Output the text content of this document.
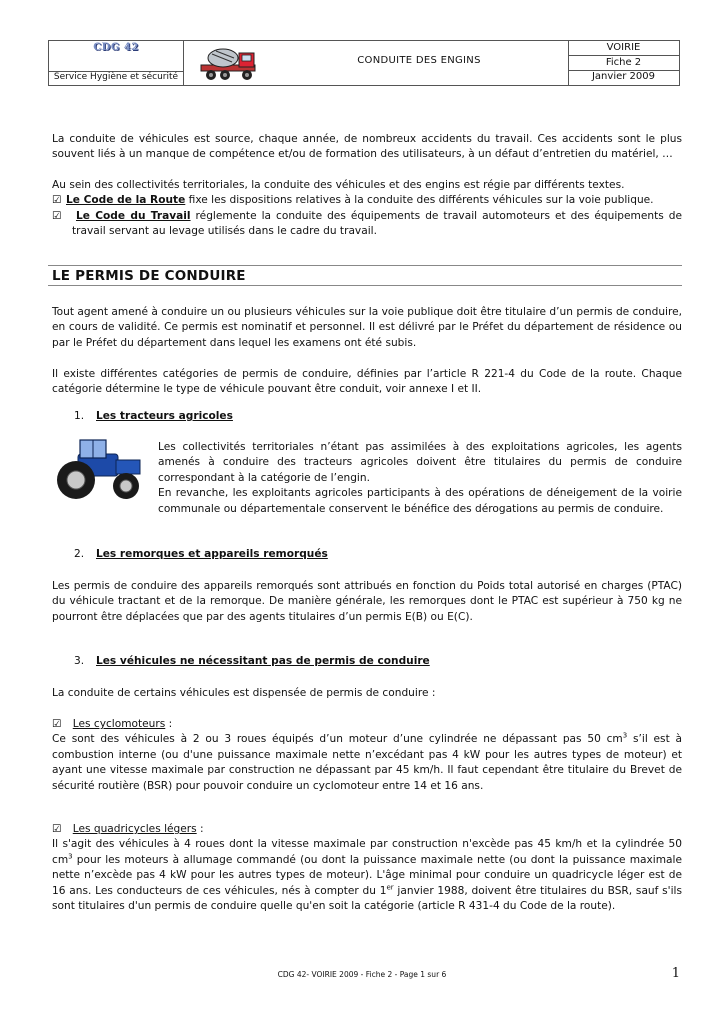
CDG 42
Service Hygiène et sécurité
CONDUITE DES ENGINS
VOIRIE
Fiche 2
Janvier 2009

La conduite de véhicules est source, chaque année, de nombreux accidents du travail. Ces accidents sont le plus souvent liés à un manque de compétence et/ou de formation des utilisateurs, à un défaut d’entretien du matériel, …

Au sein des collectivités territoriales, la conduite des véhicules et des engins est régie par différents textes.

☑ Le Code de la Route fixe les dispositions relatives à la conduite des différents véhicules sur la voie publique.
☑ Le Code du Travail réglemente la conduite des équipements de travail automoteurs et des équipements de travail servant au levage utilisés dans le cadre du travail.
LE PERMIS DE CONDUIRE

Tout agent amené à conduire un ou plusieurs véhicules sur la voie publique doit être titulaire d’un permis de conduire, en cours de validité. Ce permis est nominatif et personnel. Il est délivré par le Préfet du département de résidence ou par le Préfet du département dans lequel les examens ont été subis.

Il existe différentes catégories de permis de conduire, définies par l’article R 221-4 du Code de la route. Chaque catégorie détermine le type de véhicule pouvant être conduit, voir annexe I et II.

1. Les tracteurs agricoles

Les collectivités territoriales n’étant pas assimilées à des exploitations agricoles, les agents amenés à conduire des tracteurs agricoles doivent être titulaires du permis de conduire correspondant à la catégorie de l’engin.

En revanche, les exploitants agricoles participants à des opérations de déneigement de la voirie communale ou départementale conservent le bénéfice des dérogations au permis de conduire.

2. Les remorques et appareils remorqués

Les permis de conduire des appareils remorqués sont attribués en fonction du Poids total autorisé en charges (PTAC) du véhicule tractant et de la remorque. De manière générale, les remorques dont le PTAC est supérieur à 750 kg ne pourront être déplacées que par des agents titulaires d’un permis E(B) ou E(C).

3. Les véhicules ne nécessitant pas de permis de conduire

La conduite de certains véhicules est dispensée de permis de conduire :

☑ Les cyclomoteurs :

Ce sont des véhicules à 2 ou 3 roues équipés d’un moteur d’une cylindrée ne dépassant pas 50 $cm^3$ s’il est à combustion interne (ou d'une puissance maximale nette n’excédant pas 4 kW pour les autres types de moteur) et ayant une vitesse maximale par construction ne dépassant par 45 km/h. Il faut cependant être titulaire du Brevet de sécurité routière (BSR) pour pouvoir conduire un cyclomoteur entre 14 et 16 ans.

☑ Les quadricycles légers :

Il s'agit des véhicules à 4 roues dont la vitesse maximale par construction n'excède pas 45 km/h et la cylindrée 50 $cm^3$ pour les moteurs à allumage commandé (ou dont la puissance maximale nette (ou dont la puissance maximale nette n’excède pas 4 kW pour les autres types de moteur). L'âge minimal pour conduire un quadricycle léger est de 16 ans. Les conducteurs de ces véhicules, nés à compter du 1er janvier 1988, doivent être titulaires du BSR, sauf s'ils sont titulaires d'un permis de conduire quelle qu'en soit la catégorie (article R 431-4 du Code de la route).

CDG 42- VOIRIE 2009 - Fiche 2 - Page 1 sur 6	1
